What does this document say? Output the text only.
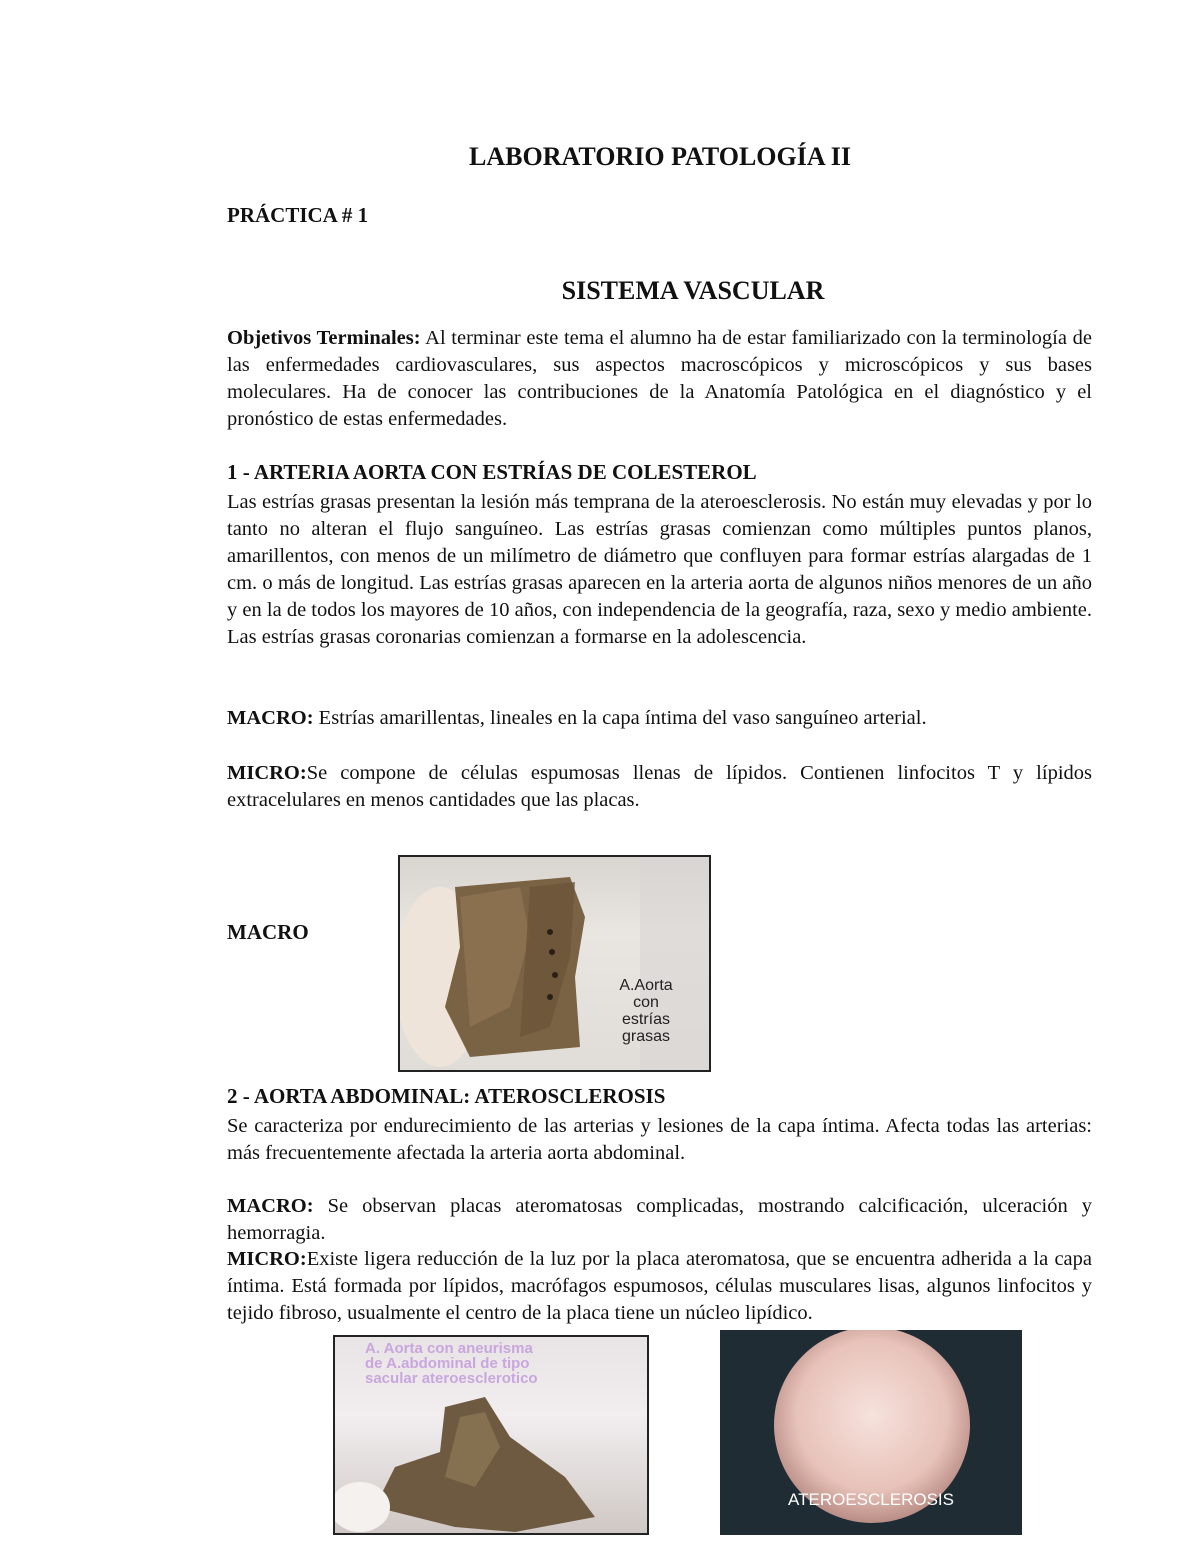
LABORATORIO PATOLOGÍA II
PRÁCTICA # 1
SISTEMA VASCULAR
Objetivos Terminales: Al terminar este tema el alumno ha de estar familiarizado con la terminología de las enfermedades cardiovasculares, sus aspectos macroscópicos y microscópicos y sus bases moleculares. Ha de conocer las contribuciones de la Anatomía Patológica en el diagnóstico y el pronóstico de estas enfermedades.
1 - ARTERIA AORTA CON ESTRÍAS DE COLESTEROL
Las estrías grasas presentan la lesión más temprana de la ateroesclerosis. No están muy elevadas y por lo tanto no alteran el flujo sanguíneo. Las estrías grasas comienzan como múltiples puntos planos, amarillentos, con menos de un milímetro de diámetro que confluyen para formar estrías alargadas de 1 cm. o más de longitud. Las estrías grasas aparecen en la arteria aorta de algunos niños menores de un año y en la de todos los mayores de 10 años, con independencia de la geografía, raza, sexo y medio ambiente. Las estrías grasas coronarias comienzan a formarse en la adolescencia.
MACRO: Estrías amarillentas, lineales en la capa íntima del vaso sanguíneo arterial.
MICRO:Se compone de células espumosas llenas de lípidos. Contienen linfocitos T y lípidos extracelulares en menos cantidades que las placas.
MACRO
A.Aorta
con
estrías
grasas
2 - AORTA ABDOMINAL: ATEROSCLEROSIS
Se caracteriza por endurecimiento de las arterias y lesiones de la capa íntima. Afecta todas las arterias: más frecuentemente afectada la arteria aorta abdominal.
MACRO: Se observan placas ateromatosas complicadas, mostrando calcificación, ulceración y hemorragia.
MICRO:Existe ligera reducción de la luz por la placa ateromatosa, que se encuentra adherida a la capa íntima. Está formada por lípidos, macrófagos espumosos, células musculares lisas, algunos linfocitos y tejido fibroso, usualmente el centro de la placa tiene un núcleo lipídico.
A. Aorta con aneurisma
de A.abdominal de tipo
sacular ateroesclerotico
ATEROESCLEROSIS
